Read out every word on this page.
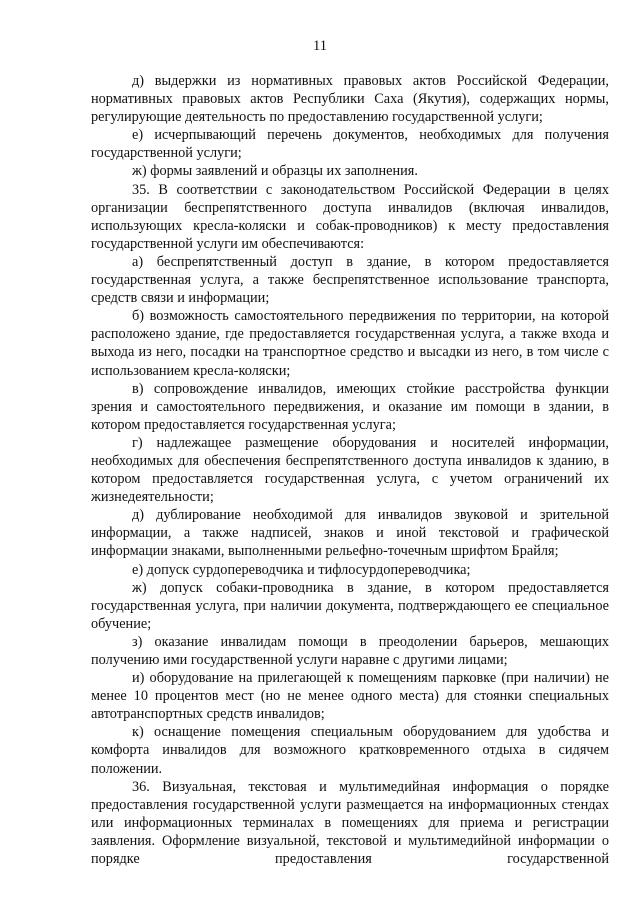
11

д) выдержки из нормативных правовых актов Российской Федерации, нормативных правовых актов Республики Саха (Якутия), содержащих нормы, регулирующие деятельность по предоставлению государственной услуги;

е) исчерпывающий перечень документов, необходимых для получения государственной услуги;

ж) формы заявлений и образцы их заполнения.

35. В соответствии с законодательством Российской Федерации в целях организации беспрепятственного доступа инвалидов (включая инвалидов, использующих кресла-коляски и собак-проводников) к месту предоставления государственной услуги им обеспечиваются:

а) беспрепятственный доступ в здание, в котором предоставляется государственная услуга, а также беспрепятственное использование транспорта, средств связи и информации;

б) возможность самостоятельного передвижения по территории, на которой расположено здание, где предоставляется государственная услуга, а также входа и выхода из него, посадки на транспортное средство и высадки из него, в том числе с использованием кресла-коляски;

в) сопровождение инвалидов, имеющих стойкие расстройства функции зрения и самостоятельного передвижения, и оказание им помощи в здании, в котором предоставляется государственная услуга;

г) надлежащее размещение оборудования и носителей информации, необходимых для обеспечения беспрепятственного доступа инвалидов к зданию, в котором предоставляется государственная услуга, с учетом ограничений их жизнедеятельности;

д) дублирование необходимой для инвалидов звуковой и зрительной информации, а также надписей, знаков и иной текстовой и графической информации знаками, выполненными рельефно-точечным шрифтом Брайля;

е) допуск сурдопереводчика и тифлосурдопереводчика;

ж) допуск собаки-проводника в здание, в котором предоставляется государственная услуга, при наличии документа, подтверждающего ее специальное обучение;

з) оказание инвалидам помощи в преодолении барьеров, мешающих получению ими государственной услуги наравне с другими лицами;

и) оборудование на прилегающей к помещениям парковке (при наличии) не менее 10 процентов мест (но не менее одного места) для стоянки специальных автотранспортных средств инвалидов;

к) оснащение помещения специальным оборудованием для удобства и комфорта инвалидов для возможного кратковременного отдыха в сидячем положении.

36. Визуальная, текстовая и мультимедийная информация о порядке предоставления государственной услуги размещается на информационных стендах или информационных терминалах в помещениях для приема и регистрации заявления. Оформление визуальной, текстовой и мультимедийной информации о порядке предоставления государственной
